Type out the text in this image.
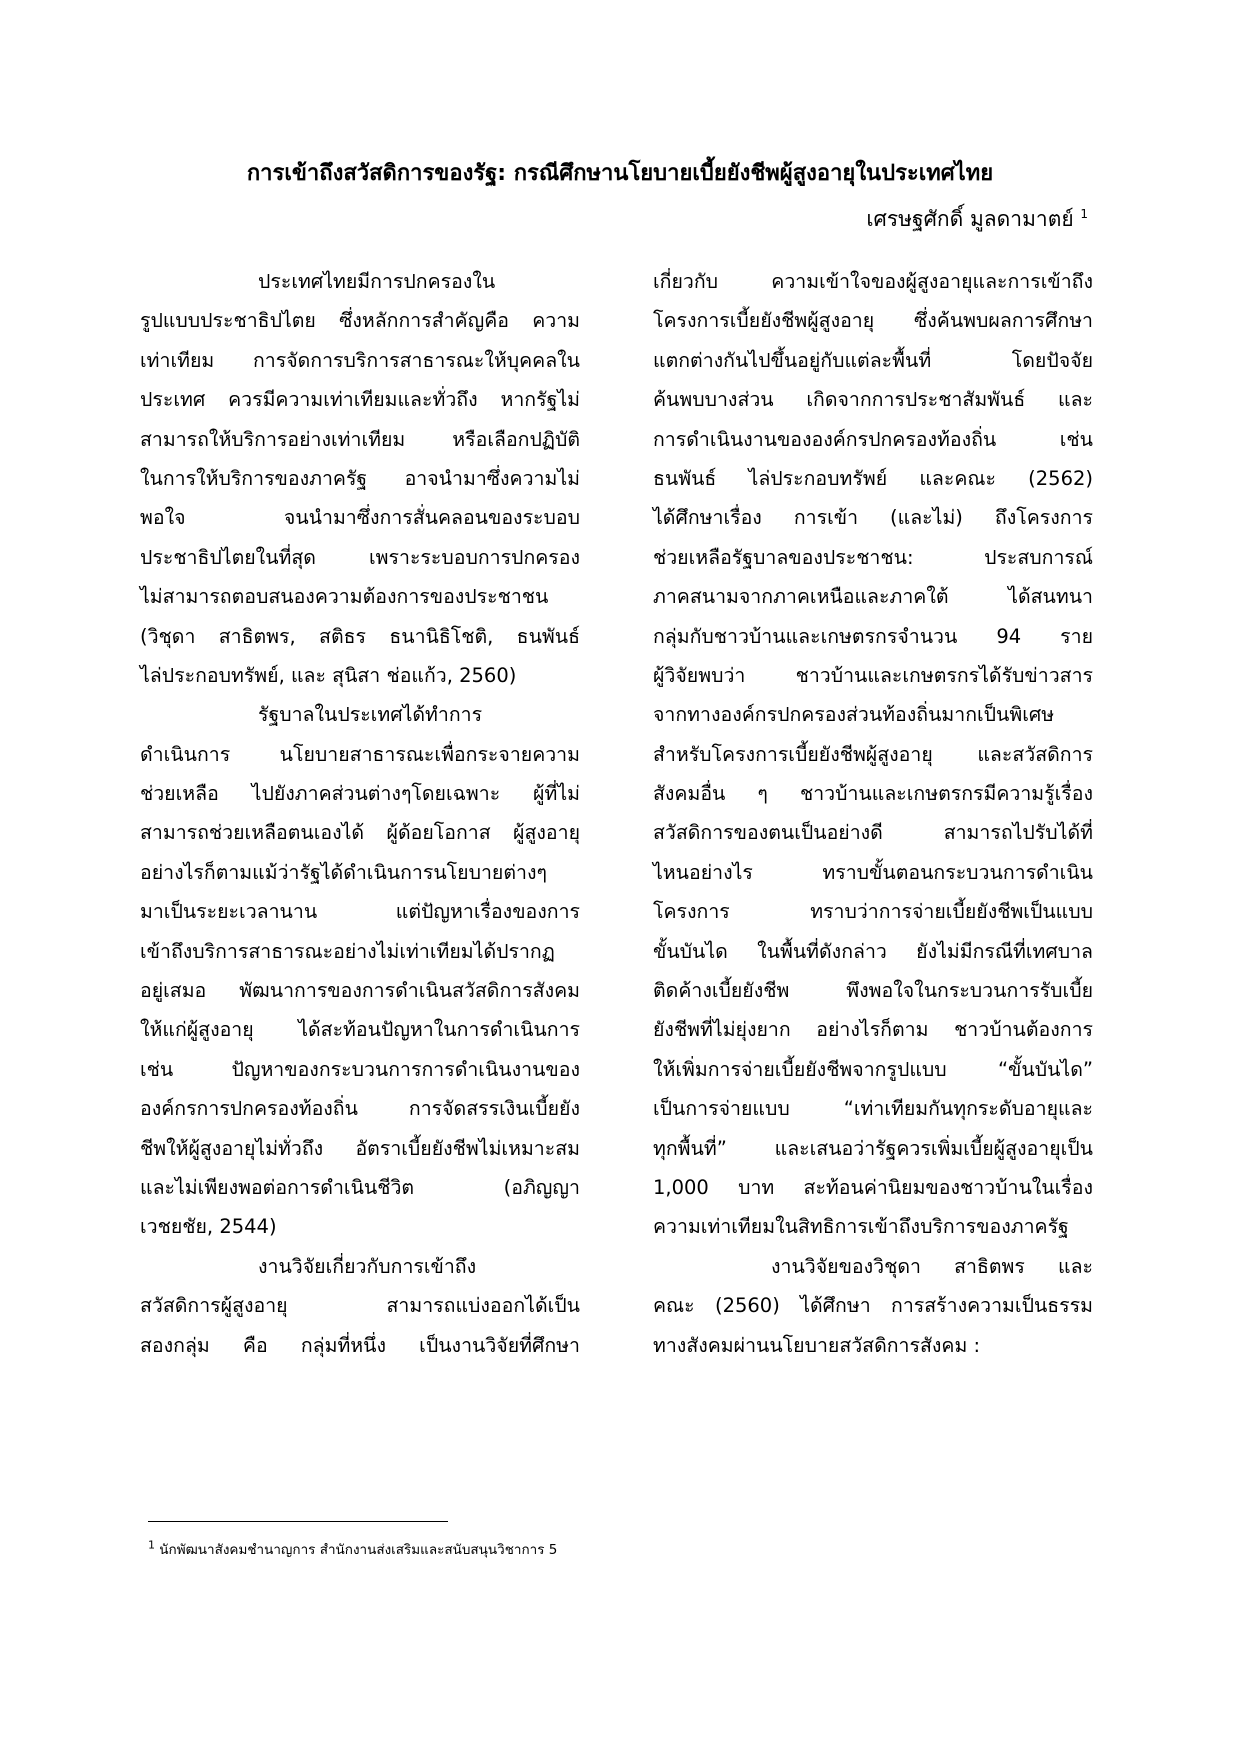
การเข้าถึงสวัสดิการของรัฐ: กรณีศึกษานโยบายเบี้ยยังชีพผู้สูงอายุในประเทศไทย
เศรษฐศักดิ์ มูลดามาตย์ $^1$
ประเทศไทยมีการปกครองใน
รูปแบบประชาธิปไตย ซึ่งหลักการสำคัญคือ ความ
เท่าเทียม การจัดการบริการสาธารณะให้บุคคลใน
ประเทศ ควรมีความเท่าเทียมและทั่วถึง หากรัฐไม่
สามารถให้บริการอย่างเท่าเทียม หรือเลือกปฏิบัติ
ในการให้บริการของภาครัฐ อาจนำมาซึ่งความไม่
พอใจ จนนำมาซึ่งการสั่นคลอนของระบอบ
ประชาธิปไตยในที่สุด เพราะระบอบการปกครอง
ไม่สามารถตอบสนองความต้องการของประชาชน
(วิชุดา สาธิตพร, สติธร ธนานิธิโชติ, ธนพันธ์
ไล่ประกอบทรัพย์, และ สุนิสา ช่อแก้ว, 2560)
รัฐบาลในประเทศได้ทำการ
ดำเนินการ นโยบายสาธารณะเพื่อกระจายความ
ช่วยเหลือ ไปยังภาคส่วนต่างๆโดยเฉพาะ ผู้ที่ไม่
สามารถช่วยเหลือตนเองได้ ผู้ด้อยโอกาส ผู้สูงอายุ
อย่างไรก็ตามแม้ว่ารัฐได้ดำเนินการนโยบายต่างๆ
มาเป็นระยะเวลานาน แต่ปัญหาเรื่องของการ
เข้าถึงบริการสาธารณะอย่างไม่เท่าเทียมได้ปรากฏ
อยู่เสมอ พัฒนาการของการดำเนินสวัสดิการสังคม
ให้แก่ผู้สูงอายุ ได้สะท้อนปัญหาในการดำเนินการ
เช่น ปัญหาของกระบวนการการดำเนินงานของ
องค์กรการปกครองท้องถิ่น การจัดสรรเงินเบี้ยยัง
ชีพให้ผู้สูงอายุไม่ทั่วถึง อัตราเบี้ยยังชีพไม่เหมาะสม
และไม่เพียงพอต่อการดำเนินชีวิต (อภิญญา
เวชยชัย, 2544)
งานวิจัยเกี่ยวกับการเข้าถึง
สวัสดิการผู้สูงอายุ สามารถแบ่งออกได้เป็น
สองกลุ่ม คือ กลุ่มที่หนึ่ง เป็นงานวิจัยที่ศึกษา
เกี่ยวกับ ความเข้าใจของผู้สูงอายุและการเข้าถึง
โครงการเบี้ยยังชีพผู้สูงอายุ ซึ่งค้นพบผลการศึกษา
แตกต่างกันไปขึ้นอยู่กับแต่ละพื้นที่ โดยปัจจัย
ค้นพบบางส่วน เกิดจากการประชาสัมพันธ์ และ
การดำเนินงานขององค์กรปกครองท้องถิ่น เช่น
ธนพันธ์ ไล่ประกอบทรัพย์ และคณะ (2562)
ได้ศึกษาเรื่อง การเข้า (และไม่) ถึงโครงการ
ช่วยเหลือรัฐบาลของประชาชน: ประสบการณ์
ภาคสนามจากภาคเหนือและภาคใต้ ได้สนทนา
กลุ่มกับชาวบ้านและเกษตรกรจำนวน 94 ราย
ผู้วิจัยพบว่า ชาวบ้านและเกษตรกรได้รับข่าวสาร
จากทางองค์กรปกครองส่วนท้องถิ่นมากเป็นพิเศษ
สำหรับโครงการเบี้ยยังชีพผู้สูงอายุ และสวัสดิการ
สังคมอื่น ๆ ชาวบ้านและเกษตรกรมีความรู้เรื่อง
สวัสดิการของตนเป็นอย่างดี สามารถไปรับได้ที่
ไหนอย่างไร ทราบขั้นตอนกระบวนการดำเนิน
โครงการ ทราบว่าการจ่ายเบี้ยยังชีพเป็นแบบ
ขั้นบันได ในพื้นที่ดังกล่าว ยังไม่มีกรณีที่เทศบาล
ติดค้างเบี้ยยังชีพ พึงพอใจในกระบวนการรับเบี้ย
ยังชีพที่ไม่ยุ่งยาก อย่างไรก็ตาม ชาวบ้านต้องการ
ให้เพิ่มการจ่ายเบี้ยยังชีพจากรูปแบบ “ขั้นบันได”
เป็นการจ่ายแบบ “เท่าเทียมกันทุกระดับอายุและ
ทุกพื้นที่” และเสนอว่ารัฐควรเพิ่มเบี้ยผู้สูงอายุเป็น
1,000 บาท สะท้อนค่านิยมของชาวบ้านในเรื่อง
ความเท่าเทียมในสิทธิการเข้าถึงบริการของภาครัฐ
งานวิจัยของวิชุดา สาธิตพร และ
คณะ (2560) ได้ศึกษา การสร้างความเป็นธรรม
ทางสังคมผ่านนโยบายสวัสดิการสังคม :
$^1$ นักพัฒนาสังคมชำนาญการ สำนักงานส่งเสริมและสนับสนุนวิชาการ 5
